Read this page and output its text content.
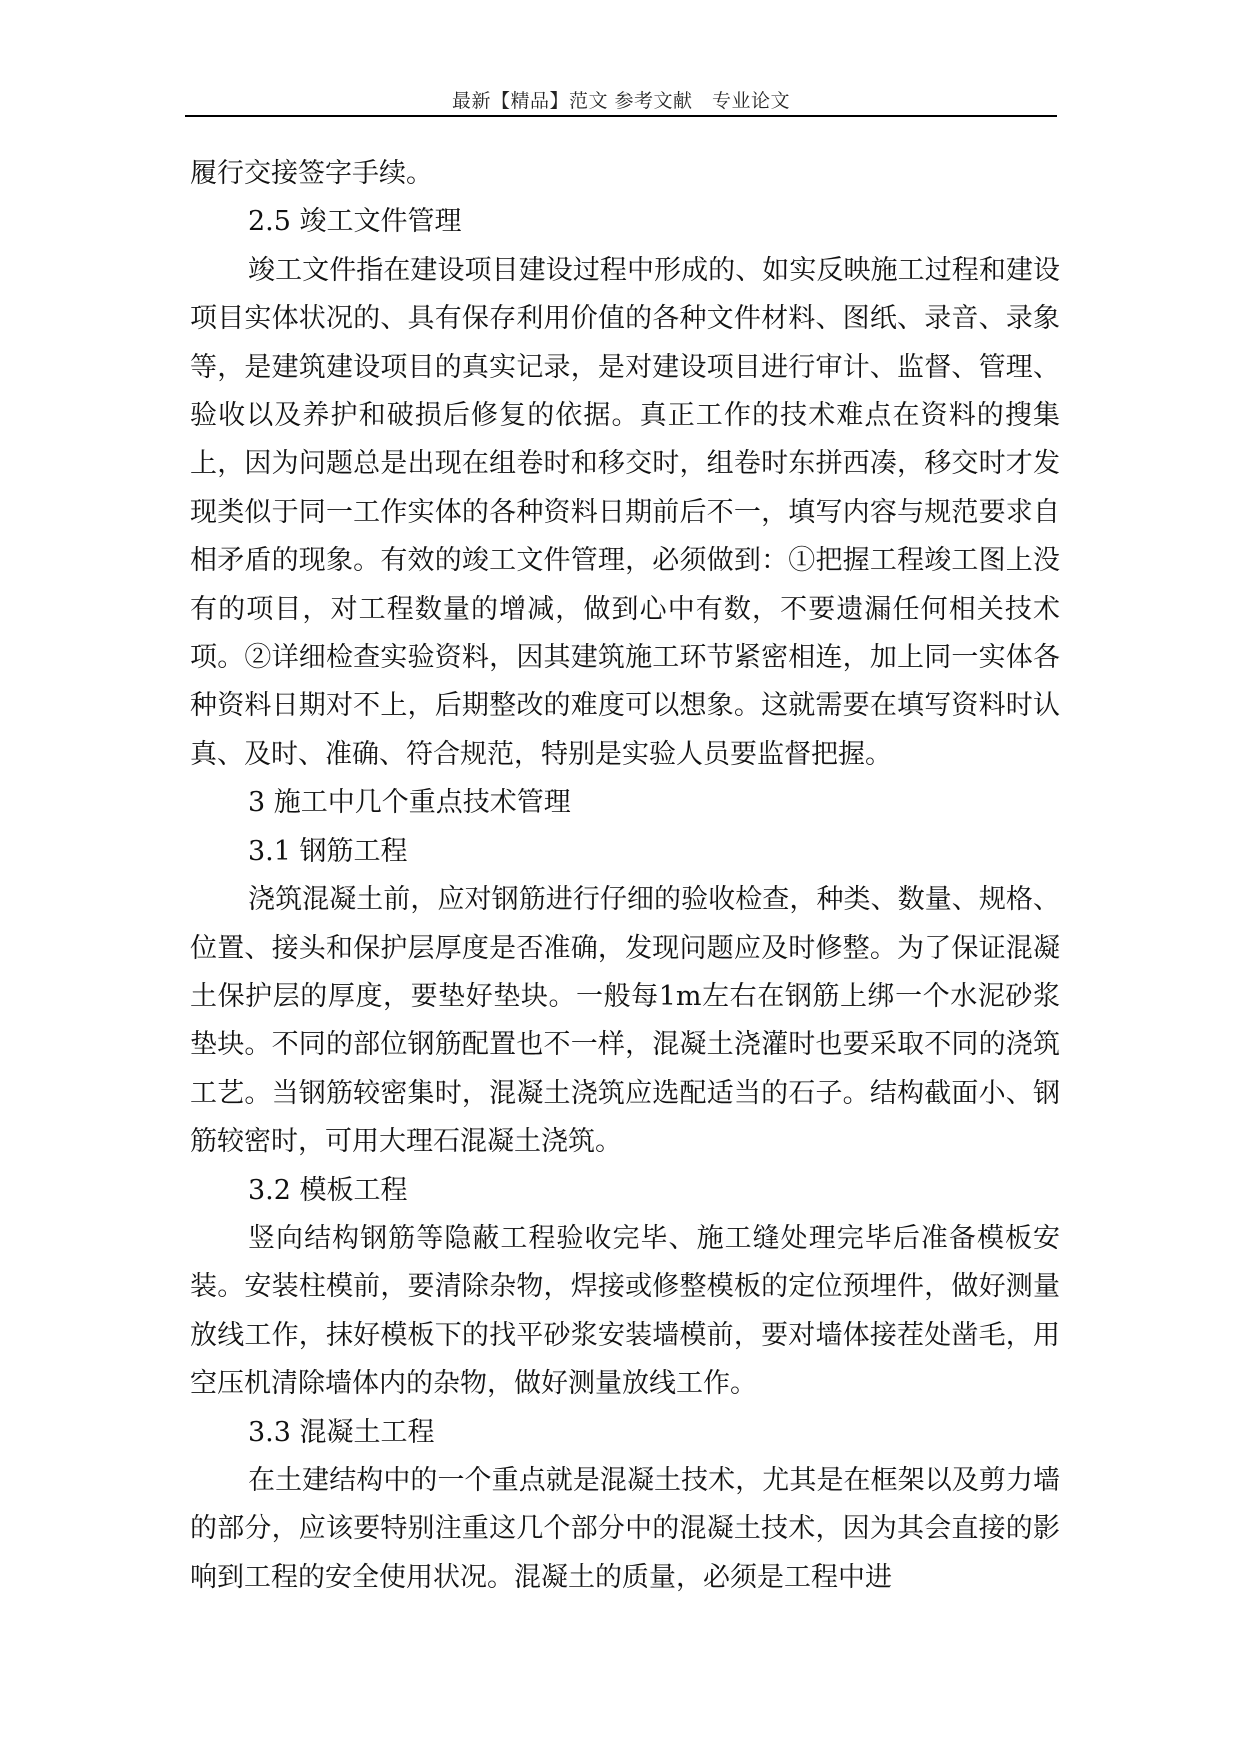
最新【精品】范文 参考文献　专业论文

履行交接签字手续。

2.5 竣工文件管理

竣工文件指在建设项目建设过程中形成的、如实反映施工过程和建设项目实体状况的、具有保存利用价值的各种文件材料、图纸、录音、录象等，是建筑建设项目的真实记录，是对建设项目进行审计、监督、管理、验收以及养护和破损后修复的依据。真正工作的技术难点在资料的搜集上，因为问题总是出现在组卷时和移交时，组卷时东拼西凑，移交时才发现类似于同一工作实体的各种资料日期前后不一，填写内容与规范要求自相矛盾的现象。有效的竣工文件管理，必须做到：①把握工程竣工图上没有的项目，对工程数量的增减，做到心中有数，不要遗漏任何相关技术项。②详细检查实验资料，因其建筑施工环节紧密相连，加上同一实体各种资料日期对不上，后期整改的难度可以想象。这就需要在填写资料时认真、及时、准确、符合规范，特别是实验人员要监督把握。

3 施工中几个重点技术管理

3.1 钢筋工程

浇筑混凝土前，应对钢筋进行仔细的验收检查，种类、数量、规格、位置、接头和保护层厚度是否准确，发现问题应及时修整。为了保证混凝土保护层的厚度，要垫好垫块。一般每1m左右在钢筋上绑一个水泥砂浆垫块。不同的部位钢筋配置也不一样，混凝土浇灌时也要采取不同的浇筑工艺。当钢筋较密集时，混凝土浇筑应选配适当的石子。结构截面小、钢筋较密时，可用大理石混凝土浇筑。

3.2 模板工程

竖向结构钢筋等隐蔽工程验收完毕、施工缝处理完毕后准备模板安装。安装柱模前，要清除杂物，焊接或修整模板的定位预埋件，做好测量放线工作，抹好模板下的找平砂浆安装墙模前，要对墙体接茬处凿毛，用空压机清除墙体内的杂物，做好测量放线工作。

3.3 混凝土工程

在土建结构中的一个重点就是混凝土技术，尤其是在框架以及剪力墙的部分，应该要特别注重这几个部分中的混凝土技术，因为其会直接的影响到工程的安全使用状况。混凝土的质量，必须是工程中进
